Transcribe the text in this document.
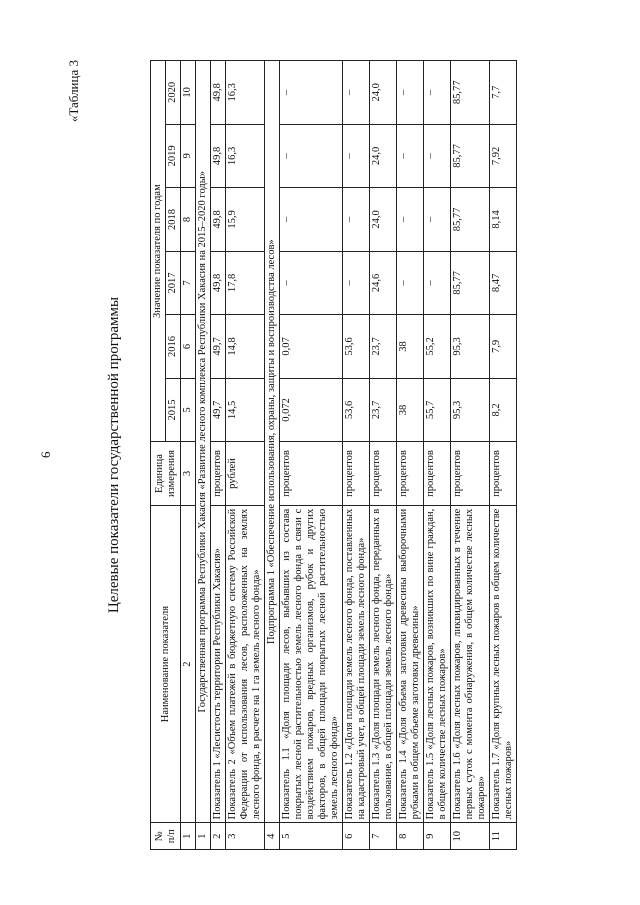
6
«Таблица 3
Целевые показатели государственной программы
№ п/п	Наименование показателя	Единица измерения	Значение показателя по годам					
			2015	2016	2017	2018	2019	2020
1	2	3	5	6	7	8	9	10
1	Государственная программа Республики Хакасия «Развитие лесного комплекса Республики Хакасия на 2015–2020 годы»							
2	Показатель 1 «Лесистость территории Республики Хакасия»	процентов	49,7	49,7	49,8	49,8	49,8	49,8
3	Показатель 2 «Объем платежей в бюджетную систему Российской Федерации от использования лесов, расположенных на землях лесного фонда, в расчете на 1 га земель лесного фонда»	рублей	14,5	14,8	17,8	15,9	16,3	16,3
4	Подпрограмма 1 «Обеспечение использования, охраны, защиты и воспроизводства лесов»							
5	Показатель 1.1 «Доля площади лесов, выбывших из состава покрытых лесной растительностью земель лесного фонда в связи с воздействием пожаров, вредных организмов, рубок и других факторов, в общей площади покрытых лесной растительностью земель лесного фонда»	процентов	0,072	0,07	–	–	–	–
6	Показатель 1.2 «Доля площади земель лесного фонда, поставленных на кадастровый учет, в общей площади земель лесного фонда»	процентов	53,6	53,6	–	–	–	–
7	Показатель 1.3 «Доля площади земель лесного фонда, переданных в пользование, в общей площади земель лесного фонда»	процентов	23,7	23,7	24,6	24,0	24,0	24,0
8	Показатель 1.4 «Доля объема заготовки древесины выборочными рубками в общем объеме заготовки древесины»	процентов	38	38	–	–	–	–
9	Показатель 1.5 «Доля лесных пожаров, возникших по вине граждан, в общем количестве лесных пожаров»	процентов	55,7	55,2	–	–	–	–
10	Показатель 1.6 «Доля лесных пожаров, ликвидированных в течение первых суток с момента обнаружения, в общем количестве лесных пожаров»	процентов	95,3	95,3	85,77	85,77	85,77	85,77
11	Показатель 1.7 «Доля крупных лесных пожаров в общем количестве лесных пожаров»	процентов	8,2	7,9	8,47	8,14	7,92	7,7
